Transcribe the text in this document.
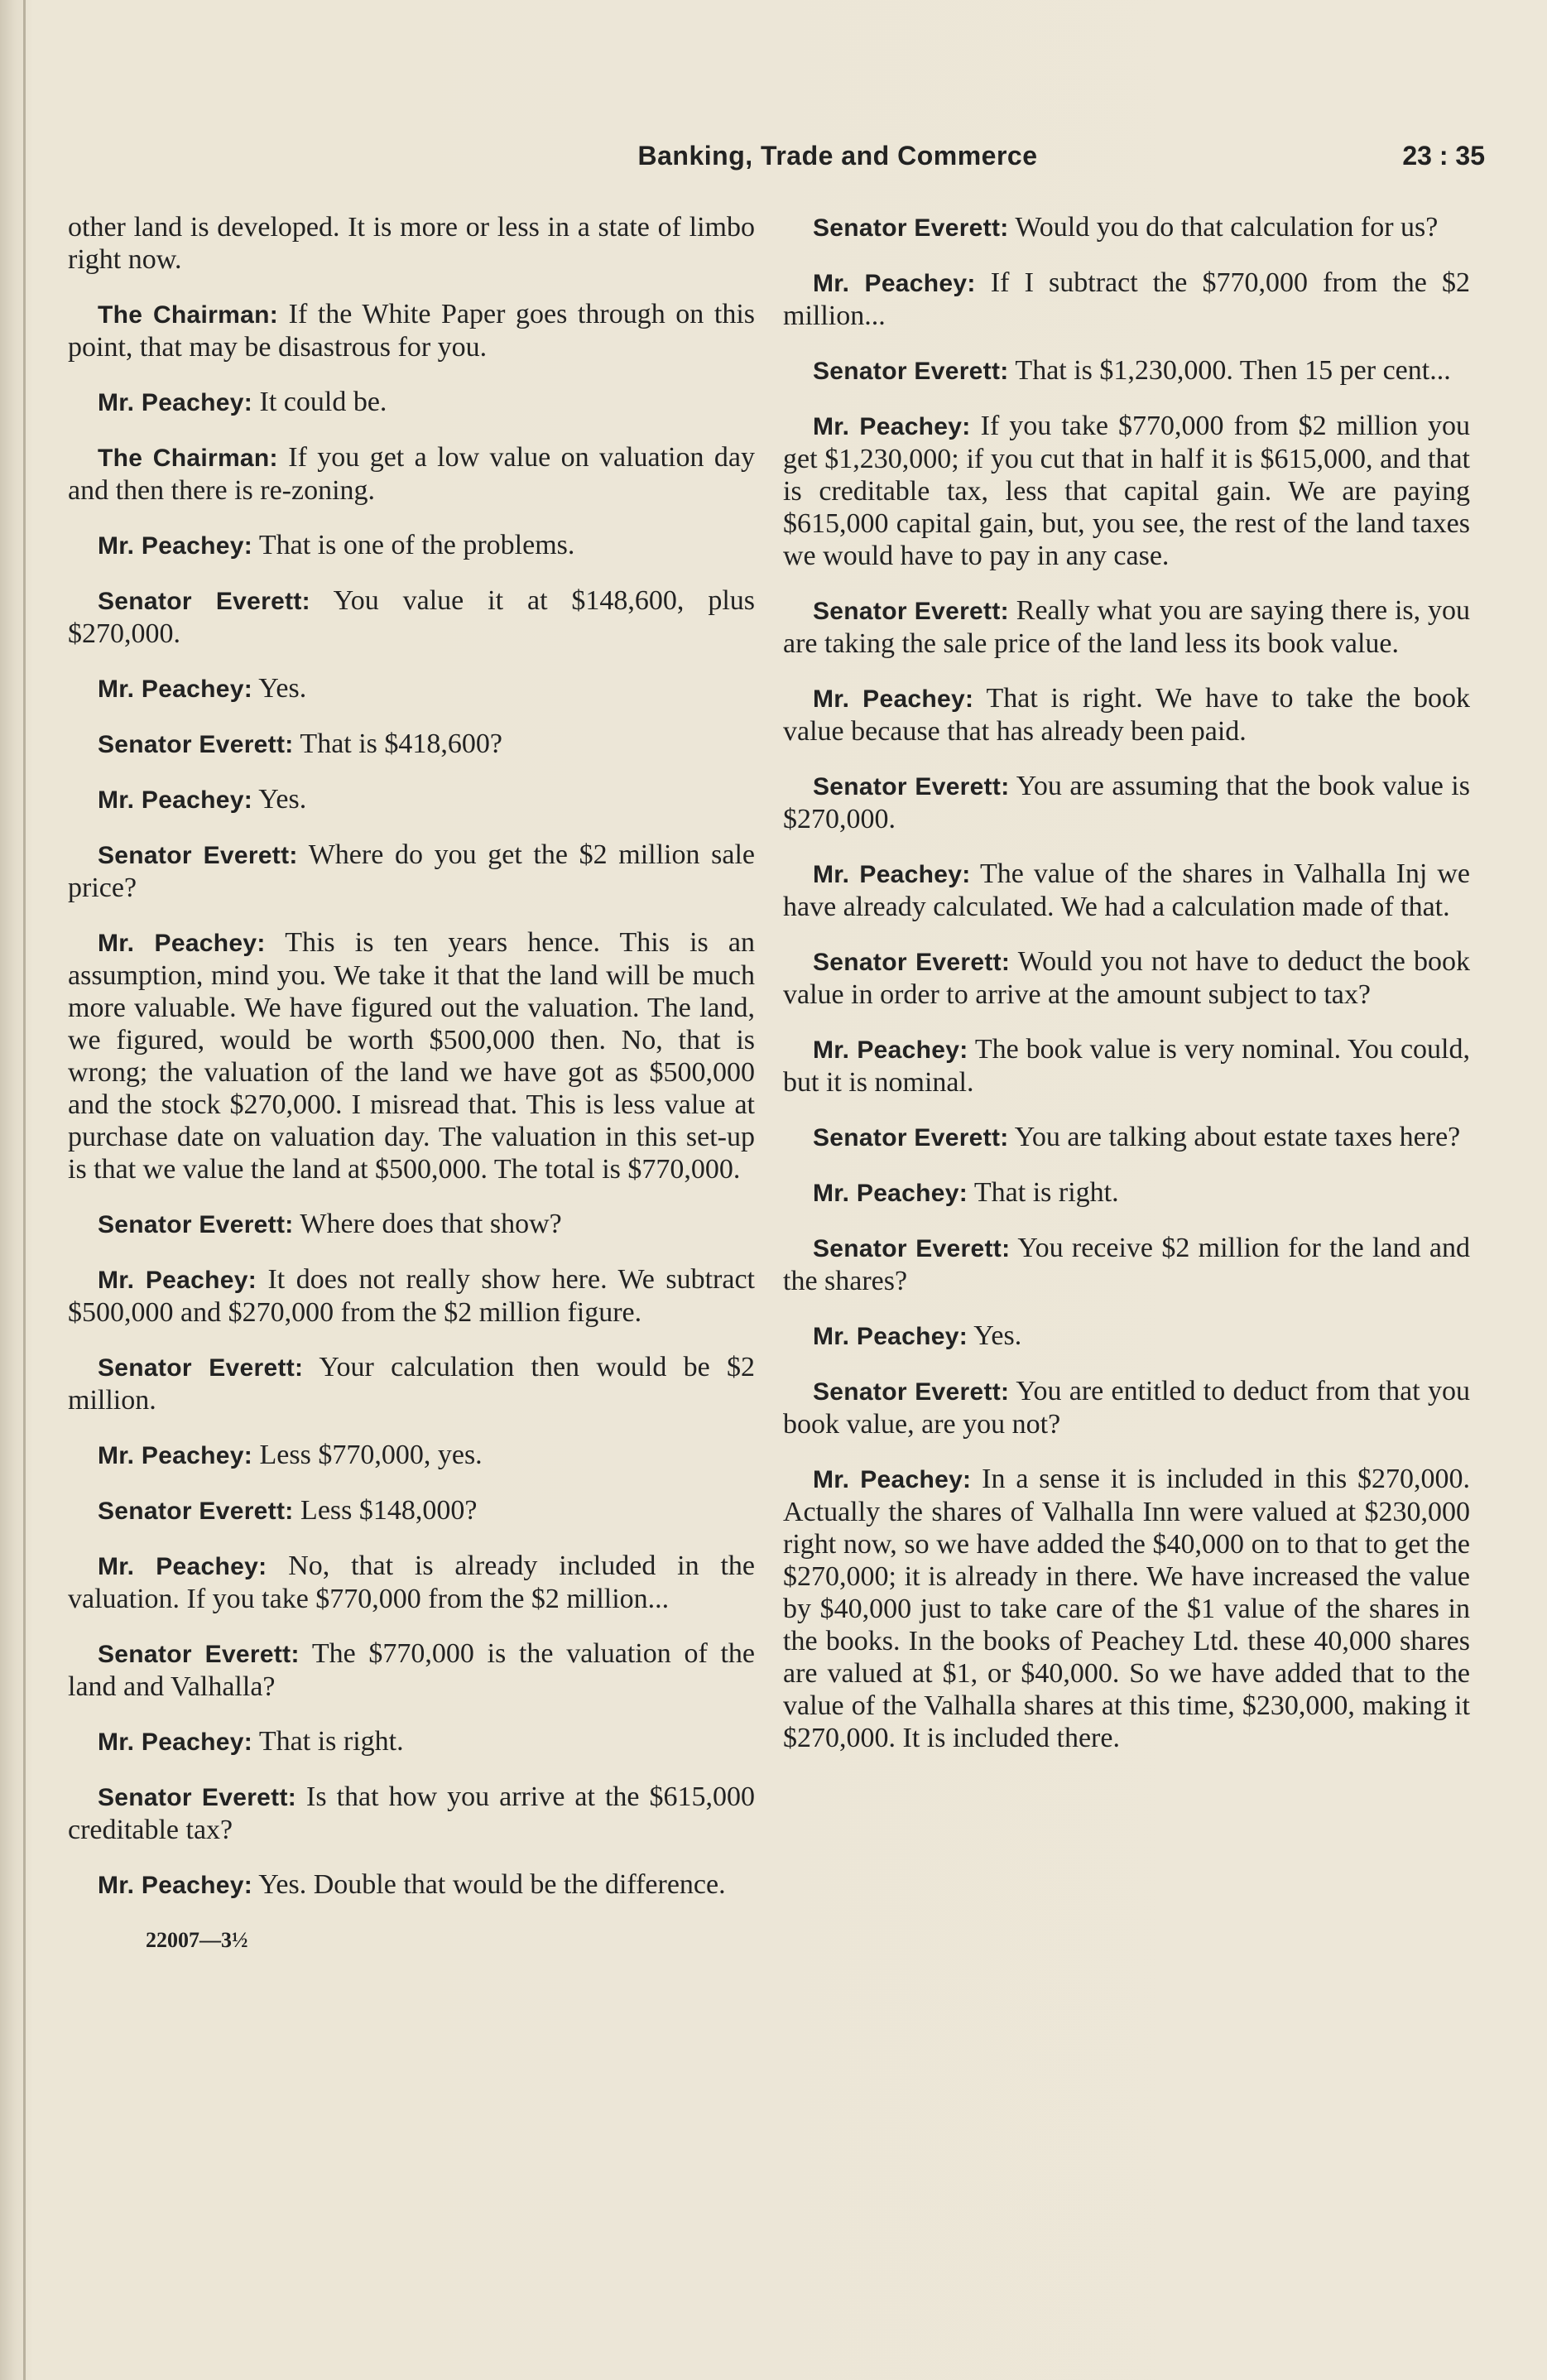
Banking, Trade and Commerce	23 : 35

other land is developed. It is more or less in a state of limbo right now.

The Chairman: If the White Paper goes through on this point, that may be disastrous for you.

Mr. Peachey: It could be.

The Chairman: If you get a low value on valuation day and then there is re-zoning.

Mr. Peachey: That is one of the problems.

Senator Everett: You value it at $148,600, plus $270,000.

Mr. Peachey: Yes.

Senator Everett: That is $418,600?

Mr. Peachey: Yes.

Senator Everett: Where do you get the $2 million sale price?

Mr. Peachey: This is ten years hence. This is an assumption, mind you. We take it that the land will be much more valuable. We have figured out the valuation. The land, we figured, would be worth $500,000 then. No, that is wrong; the valuation of the land we have got as $500,000 and the stock $270,000. I misread that. This is less value at purchase date on valuation day. The valuation in this set-up is that we value the land at $500,000. The total is $770,000.

Senator Everett: Where does that show?

Mr. Peachey: It does not really show here. We subtract $500,000 and $270,000 from the $2 million figure.

Senator Everett: Your calculation then would be $2 million.

Mr. Peachey: Less $770,000, yes.

Senator Everett: Less $148,000?

Mr. Peachey: No, that is already included in the valuation. If you take $770,000 from the $2 million...

Senator Everett: The $770,000 is the valuation of the land and Valhalla?

Mr. Peachey: That is right.

Senator Everett: Is that how you arrive at the $615,000 creditable tax?

Mr. Peachey: Yes. Double that would be the difference.

22007—3½

Senator Everett: Would you do that calculation for us?

Mr. Peachey: If I subtract the $770,000 from the $2 million...

Senator Everett: That is $1,230,000. Then 15 per cent...

Mr. Peachey: If you take $770,000 from $2 million you get $1,230,000; if you cut that in half it is $615,000, and that is creditable tax, less that capital gain. We are paying $615,000 capital gain, but, you see, the rest of the land taxes we would have to pay in any case.

Senator Everett: Really what you are saying there is, you are taking the sale price of the land less its book value.

Mr. Peachey: That is right. We have to take the book value because that has already been paid.

Senator Everett: You are assuming that the book value is $270,000.

Mr. Peachey: The value of the shares in Valhalla Inj we have already calculated. We had a calculation made of that.

Senator Everett: Would you not have to deduct the book value in order to arrive at the amount subject to tax?

Mr. Peachey: The book value is very nominal. You could, but it is nominal.

Senator Everett: You are talking about estate taxes here?

Mr. Peachey: That is right.

Senator Everett: You receive $2 million for the land and the shares?

Mr. Peachey: Yes.

Senator Everett: You are entitled to deduct from that you book value, are you not?

Mr. Peachey: In a sense it is included in this $270,000. Actually the shares of Valhalla Inn were valued at $230,000 right now, so we have added the $40,000 on to that to get the $270,000; it is already in there. We have increased the value by $40,000 just to take care of the $1 value of the shares in the books. In the books of Peachey Ltd. these 40,000 shares are valued at $1, or $40,000. So we have added that to the value of the Valhalla shares at this time, $230,000, making it $270,000. It is included there.
